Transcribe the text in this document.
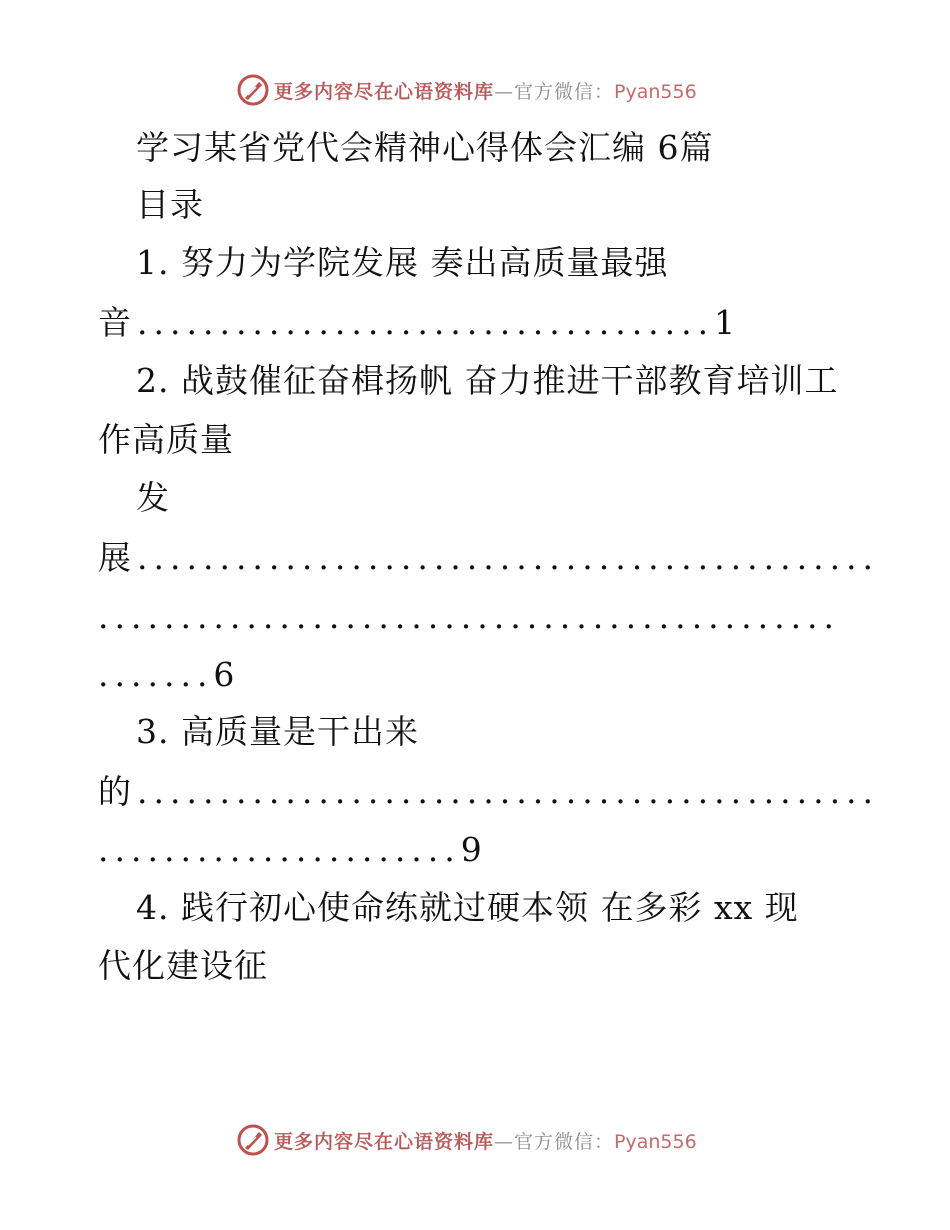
更多内容尽在心语资料库—官方微信：Pyan556
学习某省党代会精神心得体会汇编 6篇
目录
1. 努力为学院发展 奏出高质量最强
音...................................1
2. 战鼓催征奋楫扬帆 奋力推进干部教育培训工
作高质量
发
展.............................................
.............................................
.......6
3. 高质量是干出来
的.............................................
......................9
4. 践行初心使命练就过硬本领 在多彩 xx 现
代化建设征
更多内容尽在心语资料库—官方微信：Pyan556
